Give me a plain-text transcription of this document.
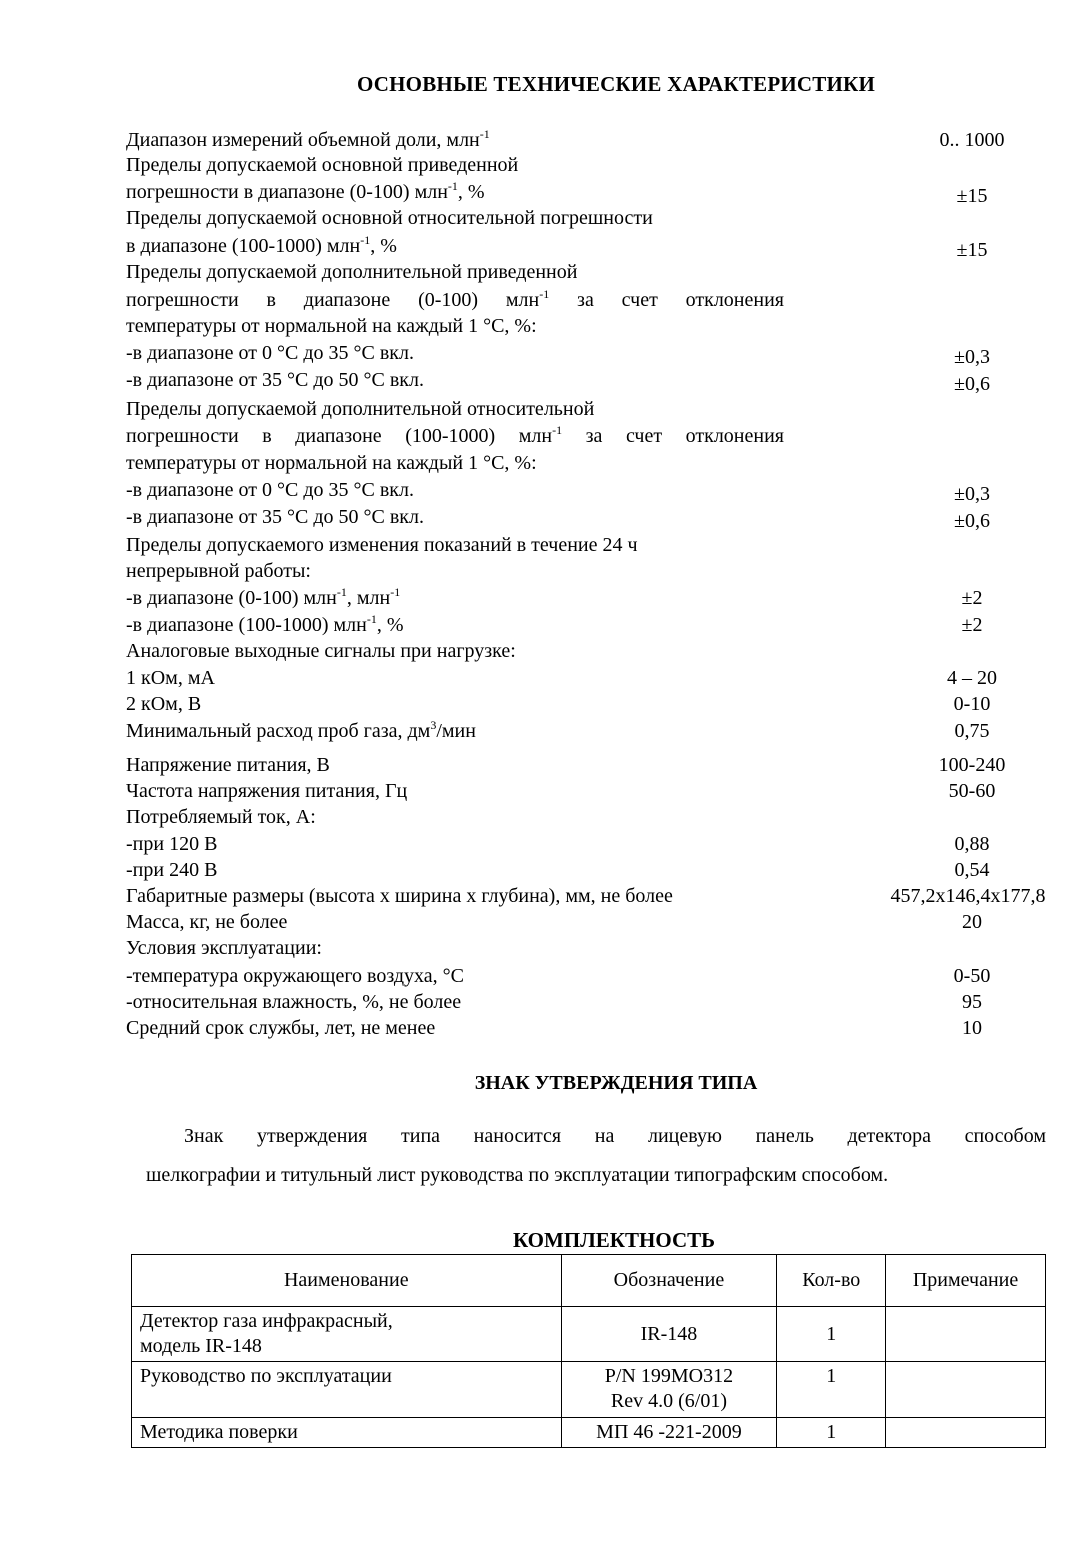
ОСНОВНЫЕ ТЕХНИЧЕСКИЕ ХАРАКТЕРИСТИКИ
Диапазон измерений объемной доли, млн$^{-1}$	0.. 1000
Пределы допускаемой основной приведенной
погрешности в диапазоне (0-100) млн$^{-1}$, %	±15
Пределы допускаемой основной относительной погрешности
в диапазоне (100-1000) млн$^{-1}$, %	±15
Пределы допускаемой дополнительной приведенной
погрешности в диапазоне (0-100) млн$^{-1}$ за счет отклонения
температуры от нормальной на каждый 1 °С, %:
-в диапазоне от 0 °С до 35 °С вкл.	±0,3
-в диапазоне от 35 °С до 50 °С вкл.	±0,6
Пределы допускаемой дополнительной относительной
погрешности в диапазоне (100-1000) млн$^{-1}$ за счет отклонения
температуры от нормальной на каждый 1 °С, %:
-в диапазоне от 0 °С до 35 °С вкл.	±0,3
-в диапазоне от 35 °С до 50 °С вкл.	±0,6
Пределы допускаемого изменения показаний в течение 24 ч
непрерывной работы:
-в диапазоне (0-100) млн$^{-1}$, млн$^{-1}$	±2
-в диапазоне (100-1000) млн$^{-1}$, %	±2
Аналоговые выходные сигналы при нагрузке:
1 кОм, мА	4 – 20
2 кОм, В	0-10
Минимальный расход проб газа, $дм^3$/мин	0,75
Напряжение питания, В	100-240
Частота напряжения питания, Гц	50-60
Потребляемый ток, А:
-при 120 В	0,88
-при 240 В	0,54
Габаритные размеры (высота х ширина х глубина), мм, не более	457,2x146,4x177,8
Масса, кг, не более	20
Условия эксплуатации:
-температура окружающего воздуха, °С	0-50
-относительная влажность, %, не более	95
Средний срок службы, лет, не менее	10
ЗНАК УТВЕРЖДЕНИЯ ТИПА
Знак утверждения типа наносится на лицевую панель детектора способом
шелкографии и титульный лист руководства по эксплуатации типографским способом.
КОМПЛЕКТНОСТЬ
Наименование	Обозначение	Кол-во	Примечание

Детектор газа инфракрасный, модель IR-148	IR-148	1	
Руководство по эксплуатации	P/N 199MO312 Rev 4.0 (6/01)	1	
Методика поверки	МП 46 -221-2009	1	
